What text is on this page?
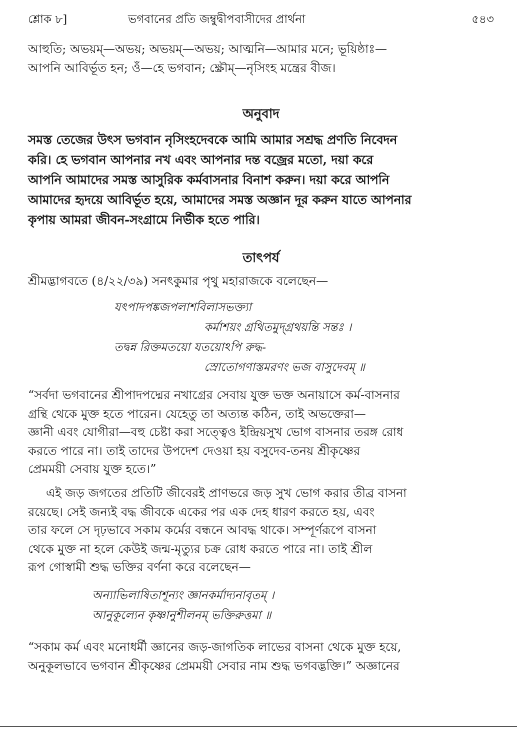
শ্লোক ৮]	ভগবানের প্রতি জম্বুদ্বীপবাসীদের প্রার্থনা	৫৪৩

আহুতি; অভয়ম্—অভয়; অভয়ম্—অভয়; আত্মনি—আমার মনে; ভূয়িষ্ঠাঃ—

আপনি আবির্ভূত হন; ওঁ—হে ভগবান; ক্ষ্রৌম্—নৃসিংহ মন্ত্রের বীজ।

অনুবাদ
সমস্ত তেজের উৎস ভগবান নৃসিংহদেবকে আমি আমার সশ্রদ্ধ প্রণতি নিবেদন
করি। হে ভগবান আপনার নখ এবং আপনার দন্ত বজ্রের মতো, দয়া করে
আপনি আমাদের সমস্ত আসুরিক কর্মবাসনার বিনাশ করুন। দয়া করে আপনি
আমাদের হৃদয়ে আবির্ভূত হয়ে, আমাদের সমস্ত অজ্ঞান দূর করুন যাতে আপনার
কৃপায় আমরা জীবন-সংগ্রামে নির্ভীক হতে পারি।
তাৎপর্য

শ্রীমদ্ভাগবতে (৪/২২/৩৯) সনৎকুমার পৃথু মহারাজকে বলেছেন—

যৎপাদপঙ্কজপলাশবিলাসভক্ত্যা
কর্মাশয়ং গ্রথিতমুদ্গ্রথয়ন্তি সন্তঃ ।
তদ্বন্ন রিক্তমতয়ো যতয়োঽপি রুদ্ধ-
স্রোতোগণাস্তমরণং ভজ বাসুদেবম্ ॥

“সর্বদা ভগবানের শ্রীপাদপদ্মের নখাগ্রের সেবায় যুক্ত ভক্ত অনায়াসে কর্ম-বাসনার

গ্রন্থি থেকে মুক্ত হতে পারেন। যেহেতু তা অত্যন্ত কঠিন, তাই অভক্তেরা—

জ্ঞানী এবং যোগীরা—বহু চেষ্টা করা সত্ত্বেও ইন্দ্রিয়সুখ ভোগ বাসনার তরঙ্গ রোধ

করতে পারে না। তাই তাদের উপদেশ দেওয়া হয় বসুদেব-তনয় শ্রীকৃষ্ণের

প্রেমময়ী সেবায় যুক্ত হতে।”

এই জড় জগতের প্রতিটি জীবেরই প্রাণভরে জড় সুখ ভোগ করার তীব্র বাসনা

রয়েছে। সেই জন্যই বদ্ধ জীবকে একের পর এক দেহ ধারণ করতে হয়, এবং

তার ফলে সে দৃঢ়ভাবে সকাম কর্মের বন্ধনে আবদ্ধ থাকে। সম্পূর্ণরূপে বাসনা

থেকে মুক্ত না হলে কেউই জন্ম-মৃত্যুর চক্র রোধ করতে পারে না। তাই শ্রীল

রূপ গোস্বামী শুদ্ধ ভক্তির বর্ণনা করে বলেছেন—

অন্যাভিলাষিতাশূন্যং জ্ঞানকর্মাদ্যনাবৃতম্ ।
আনুকূল্যেন কৃষ্ণানুশীলনম্ ভক্তিরুত্তমা ॥

“সকাম কর্ম এবং মনোধর্মী জ্ঞানের জড়-জাগতিক লাভের বাসনা থেকে মুক্ত হয়ে,

অনুকূলভাবে ভগবান শ্রীকৃষ্ণের প্রেমময়ী সেবার নাম শুদ্ধ ভগবদ্ভক্তি।” অজ্ঞানের
